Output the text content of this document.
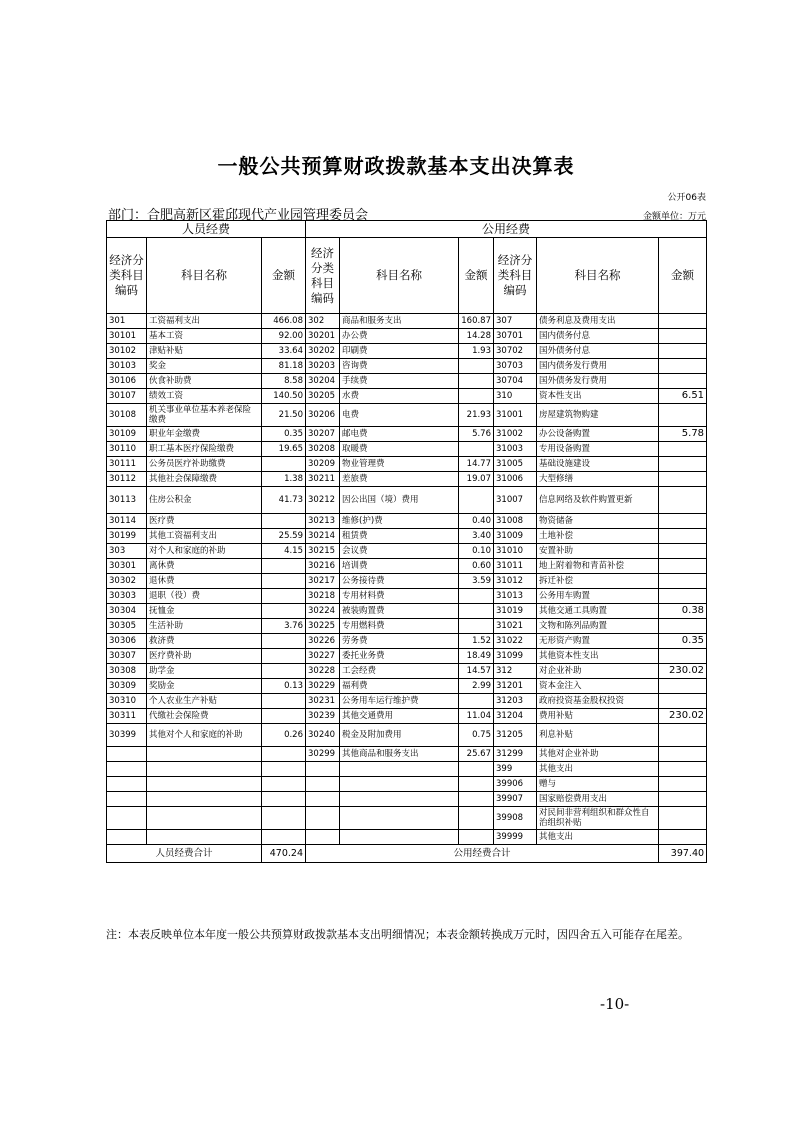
一般公共预算财政拨款基本支出决算表
公开06表
部门：合肥高新区霍邱现代产业园管理委员会	金额单位：万元
人员经费			公用经费					
经济分类科目编码	科目名称	金额	经济分类科目编码	科目名称	金额	经济分类科目编码	科目名称	金额
301	工资福利支出	466.08	302	商品和服务支出	160.87	307	债务利息及费用支出	
30101	基本工资	92.00	30201	办公费	14.28	30701	国内债务付息	
30102	津贴补贴	33.64	30202	印刷费	1.93	30702	国外债务付息	
30103	奖金	81.18	30203	咨询费		30703	国内债务发行费用	
30106	伙食补助费	8.58	30204	手续费		30704	国外债务发行费用	
30107	绩效工资	140.50	30205	水费		310	资本性支出	6.51
30108	机关事业单位基本养老保险缴费	21.50	30206	电费	21.93	31001	房屋建筑物购建	
30109	职业年金缴费	0.35	30207	邮电费	5.76	31002	办公设备购置	5.78
30110	职工基本医疗保险缴费	19.65	30208	取暖费		31003	专用设备购置	
30111	公务员医疗补助缴费		30209	物业管理费	14.77	31005	基础设施建设	
30112	其他社会保障缴费	1.38	30211	差旅费	19.07	31006	大型修缮	
30113	住房公积金	41.73	30212	因公出国（境）费用		31007	信息网络及软件购置更新	
30114	医疗费		30213	维修(护)费	0.40	31008	物资储备	
30199	其他工资福利支出	25.59	30214	租赁费	3.40	31009	土地补偿	
303	对个人和家庭的补助	4.15	30215	会议费	0.10	31010	安置补助	
30301	离休费		30216	培训费	0.60	31011	地上附着物和青苗补偿	
30302	退休费		30217	公务接待费	3.59	31012	拆迁补偿	
30303	退职（役）费		30218	专用材料费		31013	公务用车购置	
30304	抚恤金		30224	被装购置费		31019	其他交通工具购置	0.38
30305	生活补助	3.76	30225	专用燃料费		31021	文物和陈列品购置	
30306	救济费		30226	劳务费	1.52	31022	无形资产购置	0.35
30307	医疗费补助		30227	委托业务费	18.49	31099	其他资本性支出	
30308	助学金		30228	工会经费	14.57	312	对企业补助	230.02
30309	奖励金	0.13	30229	福利费	2.99	31201	资本金注入	
30310	个人农业生产补贴		30231	公务用车运行维护费		31203	政府投资基金股权投资	
30311	代缴社会保险费		30239	其他交通费用	11.04	31204	费用补贴	230.02
30399	其他对个人和家庭的补助	0.26	30240	税金及附加费用	0.75	31205	利息补贴	
			30299	其他商品和服务支出	25.67	31299	其他对企业补助	
						399	其他支出	
						39906	赠与	
						39907	国家赔偿费用支出	
						39908	对民间非营利组织和群众性自治组织补贴	
						39999	其他支出	
人员经费合计		470.24	公用经费合计					397.40
注：本表反映单位本年度一般公共预算财政拨款基本支出明细情况；本表金额转换成万元时，因四舍五入可能存在尾差。
-10-
